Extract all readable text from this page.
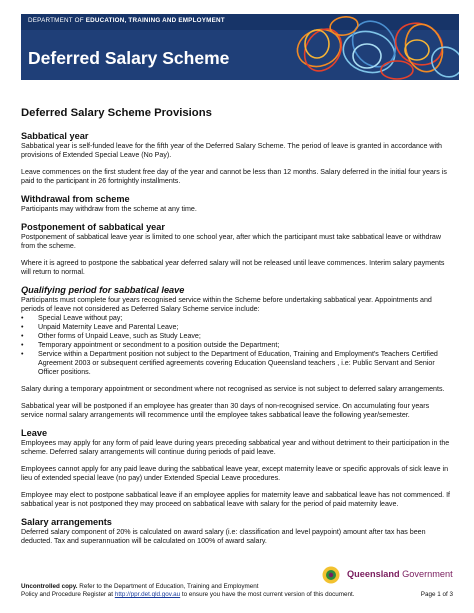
DEPARTMENT OF EDUCATION, TRAINING AND EMPLOYMENT
Deferred Salary Scheme
Deferred Salary Scheme Provisions
Sabbatical year

Sabbatical year is self-funded leave for the fifth year of the Deferred Salary Scheme. The period of leave is granted in accordance with provisions of Extended Special Leave (No Pay).

Leave commences on the first student free day of the year and cannot be less than 12 months. Salary deferred in the initial four years is paid to the participant in 26 fortnightly installments.

Withdrawal from scheme

Participants may withdraw from the scheme at any time.

Postponement of sabbatical year

Postponement of sabbatical leave year is limited to one school year, after which the participant must take sabbatical leave or withdraw from the scheme.

Where it is agreed to postpone the sabbatical year deferred salary will not be released until leave commences. Interim salary payments will return to normal.

Qualifying period for sabbatical leave

Participants must complete four years recognised service within the Scheme before undertaking sabbatical year. Appointments and periods of leave not considered as Deferred Salary Scheme service include:

• Special Leave without pay;
• Unpaid Maternity Leave and Parental Leave;
• Other forms of Unpaid Leave, such as Study Leave;
• Temporary appointment or secondment to a position outside the Department;
• Service within a Department position not subject to the Department of Education, Training and Employment's Teachers Certified Agreement 2003 or subsequent certified agreements covering Education Queensland teachers , i.e: Public Servant and Senior Officer positions.

Salary during a temporary appointment or secondment where not recognised as service is not subject to deferred salary arrangements.

Sabbatical year will be postponed if an employee has greater than 30 days of non-recognised service. On accumulating four years service normal salary arrangements will recommence until the employee takes sabbatical leave the following year/semester.

Leave

Employees may apply for any form of paid leave during years preceding sabbatical year and without detriment to their participation in the scheme. Deferred salary arrangements will continue during periods of paid leave.

Employees cannot apply for any paid leave during the sabbatical leave year, except maternity leave or specific approvals of sick leave in lieu of extended special leave (no pay) under Extended Special Leave procedures.

Employee may elect to postpone sabbatical leave if an employee applies for maternity leave and sabbatical leave has not commenced. If sabbatical year is not postponed they may proceed on sabbatical leave with salary for the period of paid maternity leave.

Salary arrangements

Deferred salary component of 20% is calculated on award salary (i.e: classification and level paypoint) amount after tax has been deducted. Tax and superannuation will be calculated on 100% of award salary.

Queensland Government
Uncontrolled copy. Refer to the Department of Education, Training and Employment
Policy and Procedure Register at http://ppr.det.qld.gov.au to ensure you have the most current version of this document.	Page 1 of 3
